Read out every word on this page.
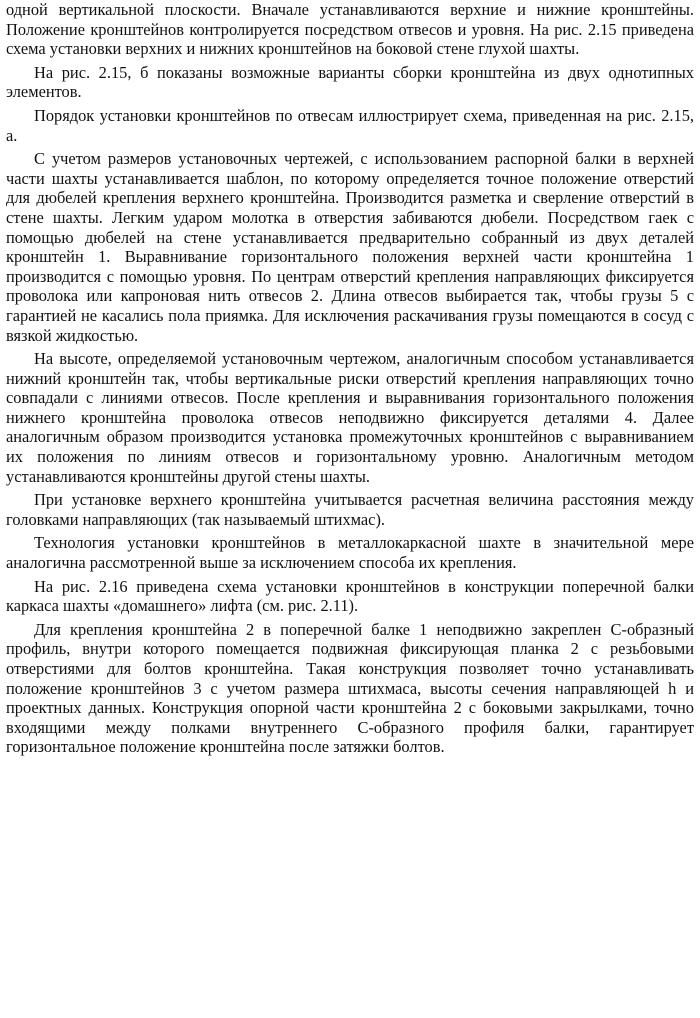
одной вертикальной плоскости. Вначале устанавливаются верхние и нижние кронштейны. Положение кронштейнов контролируется посредством отвесов и уровня. На рис. 2.15 приведена схема установки верхних и нижних кронштейнов на боковой стене глухой шахты.

На рис. 2.15, б показаны возможные варианты сборки кронштейна из двух однотипных элементов.

Порядок установки кронштейнов по отвесам иллюстрирует схема, приведенная на рис. 2.15, а.

С учетом размеров установочных чертежей, с использованием распорной балки в верхней части шахты устанавливается шаблон, по которому определяется точное положение отверстий для дюбелей крепления верхнего кронштейна. Производится разметка и сверление отверстий в стене шахты. Легким ударом молотка в отверстия забиваются дюбели. Посредством гаек с помощью дюбелей на стене устанавливается предварительно собранный из двух деталей кронштейн 1. Выравнивание горизонтального положения верхней части кронштейна 1 производится с помощью уровня. По центрам отверстий крепления направляющих фиксируется проволока или капроновая нить отвесов 2. Длина отвесов выбирается так, чтобы грузы 5 с гарантией не касались пола приямка. Для исключения раскачивания грузы помещаются в сосуд с вязкой жидкостью.

На высоте, определяемой установочным чертежом, аналогичным способом устанавливается нижний кронштейн так, чтобы вертикальные риски отверстий крепления направляющих точно совпадали с линиями отвесов. После крепления и выравнивания горизонтального положения нижнего кронштейна проволока отвесов неподвижно фиксируется деталями 4. Далее аналогичным образом производится установка промежуточных кронштейнов с выравниванием их положения по линиям отвесов и горизонтальному уровню. Аналогичным методом устанавливаются кронштейны другой стены шахты.

При установке верхнего кронштейна учитывается расчетная величина расстояния между головками направляющих (так называемый штихмас).

Технология установки кронштейнов в металлокаркасной шахте в значительной мере аналогична рассмотренной выше за исключением способа их крепления.

На рис. 2.16 приведена схема установки кронштейнов в конструкции поперечной балки каркаса шахты «домашнего» лифта (см. рис. 2.11).

Для крепления кронштейна 2 в поперечной балке 1 неподвижно закреплен С-образный профиль, внутри которого помещается подвижная фиксирующая планка 2 с резьбовыми отверстиями для болтов кронштейна. Такая конструкция позволяет точно устанавливать положение кронштейнов 3 с учетом размера штихмаса, высоты сечения направляющей h и проектных данных. Конструкция опорной части кронштейна 2 с боковыми закрылками, точно входящими между полками внутреннего С-образного профиля балки, гарантирует горизонтальное положение кронштейна после затяжки болтов.
